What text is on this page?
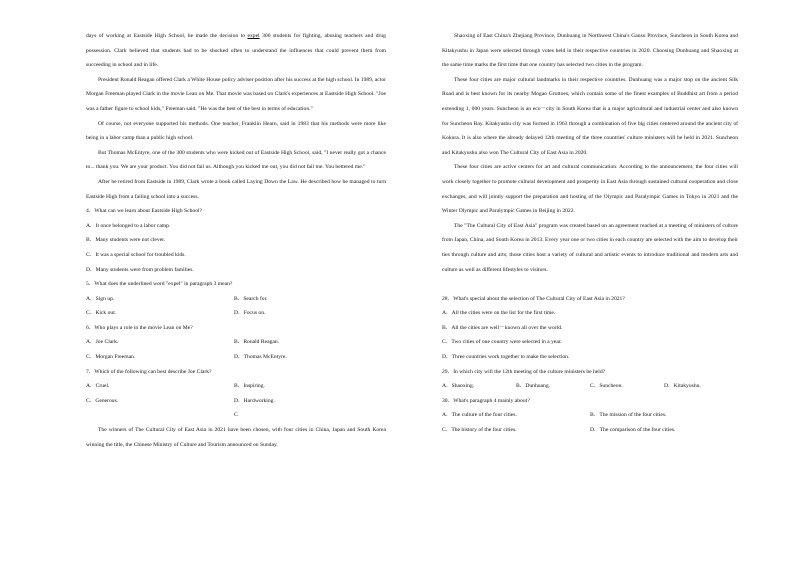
days of working at Eastside High School, he made the decision to expel 300 students for fighting, abusing teachers and drug possession. Clark believed that students had to be shocked often to understand the influences that could prevent them from succeeding in school and in life.

President Ronald Reagan offered Clark a White House policy adviser position after his success at the high school. In 1989, actor Morgan Freeman played Clark in the movie Lean on Me. That movie was based on Clark's experiences at Eastside High School. "Joe was a father figure to school kids," Freeman said. "He was the best of the best in terms of education."

Of course, not everyone supported his methods. One teacher, Franklin Hearn, said in 1983 that his methods were more like being in a labor camp than a public high school.

But Thomas McEntyre, one of the 300 students who were kicked out of Eastside High School, said, "I never really got a chance to... thank you. We are your product. You did not fail us. Although you kicked me out, you did not fail me. You bettered me."

After he retired from Eastside in 1989, Clark wrote a book called Laying Down the Law. He described how he managed to turn Eastside High from a failing school into a success.

4．What can we learn about Eastside High School?

A．It once belonged to a labor camp.

B．Many students were not clever.

C．It was a special school for troubled kids.

D．Many students were from problem families.

5．What does the underlined word "expel" in paragraph 3 mean?

A．Sign up.	B．Search for.
C．Kick out.	D．Focus on.

6．Who plays a role in the movie Lean on Me?

A．Joe Clark.	B．Ronald Reagan.
C．Morgan Freeman.	D．Thomas McEntyre.

7．Which of the following can best describe Joe Clark?

A．Cruel.	B．Inspiring.
C．Generous.	D．Hardworking.

C

The winners of The Cultural City of East Asia in 2021 have been chosen, with four cities in China, Japan and South Korea winning the title, the Chinese Ministry of Culture and Tourism announced on Sunday.

Shaoxing of East China's Zhejiang Province, Dunhuang in Northwest China's Gansu Province, Suncheon in South Korea and Kitakyushu in Japan were selected through votes held in their respective countries in 2020. Choosing Dunhuang and Shaoxing at the same time marks the first time that one country has selected two cities in the program.

These four cities are major cultural landmarks in their respective countries. Dunhuang was a major stop on the ancient Silk Road and is best known for its nearby Mogao Grottoes, which contain some of the finest examples of Buddhist art from a period extending 1, 000 years. Suncheon is an eco－city in South Korea that is a major agricultural and industrial center and also known for Suncheon Bay. Kitakyushu city was formed in 1963 through a combination of five big cities centered around the ancient city of Kokura. It is also where the already delayed 12th meeting of the three countries' culture ministers will be held in 2021. Suncheon and Kitakyushu also won The Cultural City of East Asia in 2020.

These four cities are active centers for art and cultural communication. According to the announcement, the four cities will work closely together to promote cultural development and prosperity in East Asia through sustained cultural cooperation and close exchanges, and will jointly support the preparation and hosting of the Olympic and Paralympic Games in Tokyo in 2021 and the Winter Olympic and Paralympic Games in Beijing in 2022.

The "The Cultural City of East Asia" program was created based on an agreement reached at a meeting of ministers of culture from Japan, China, and South Korea in 2013. Every year one or two cities in each country are selected with the aim to develop their ties through culture and arts; those cities host a variety of cultural and artistic events to introduce traditional and modern arts and culture as well as different lifestyles to visitors.

28．What's special about the selection of The Cultural City of East Asia in 2021?

A．All the cities were on the list for the first time.

B．All the cities are well－known all over the world.

C．Two cities of one country were selected in a year.

D．Three countries work together to make the selection.

29．In which city will the 12th meeting of the culture ministers be held?

A．Shaoxing.	B．Dunhuang.	C．Suncheon.	D．Kitakyushu.

30．What's paragraph 4 mainly about?

A．The culture of the four cities.	B．The mission of the four cities.
C．The history of the four cities.	D．The comparison of the four cities.
